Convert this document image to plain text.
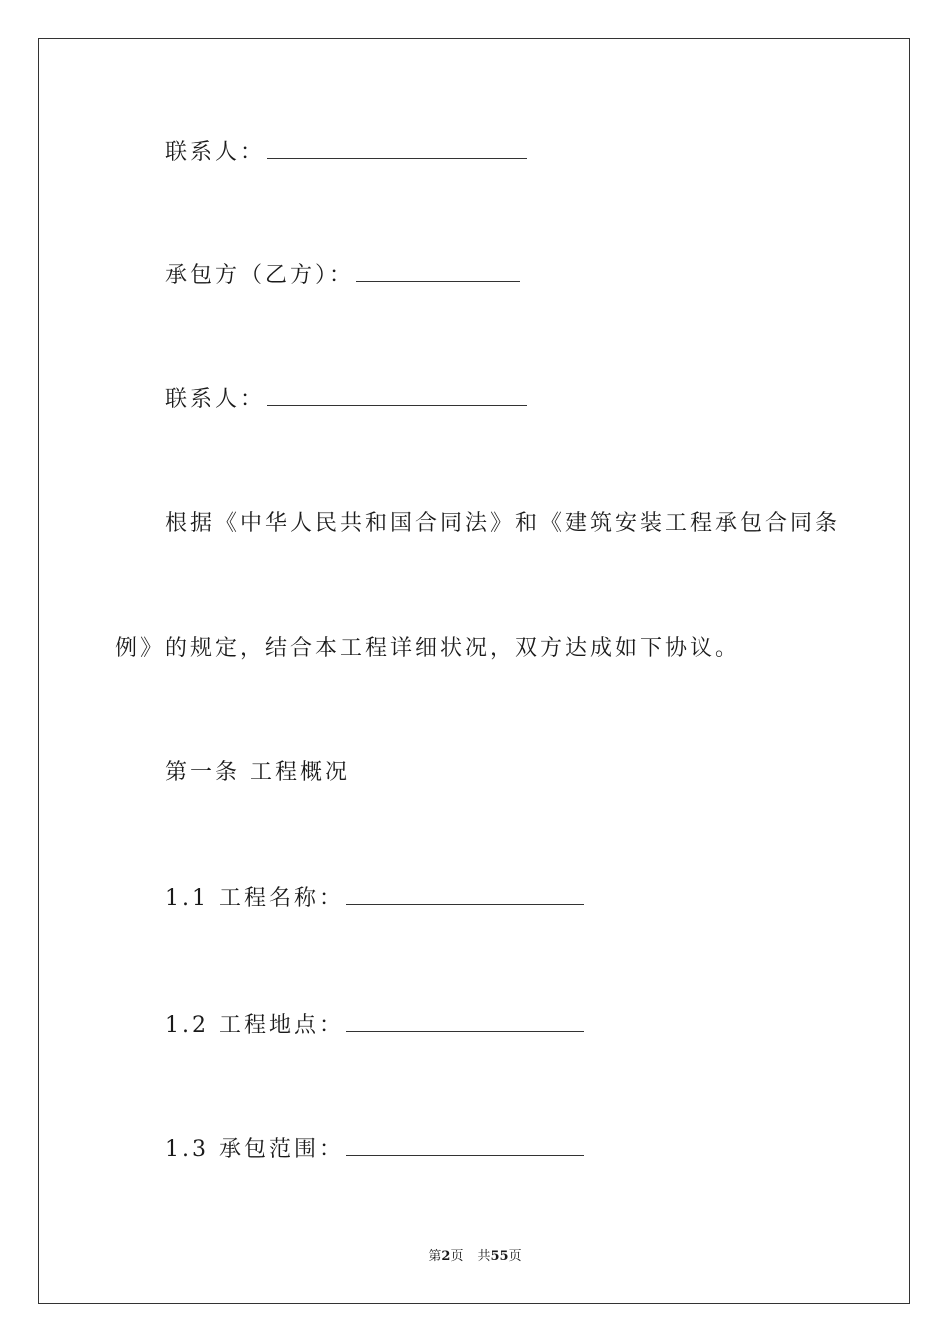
联系人：
承包方（乙方）：
联系人：
根据《中华人民共和国合同法》和《建筑安装工程承包合同条
例》的规定，结合本工程详细状况，双方达成如下协议。
第一条 工程概况
1.1 工程名称：
1.2 工程地点：
1.3 承包范围：
第2页 共55页
